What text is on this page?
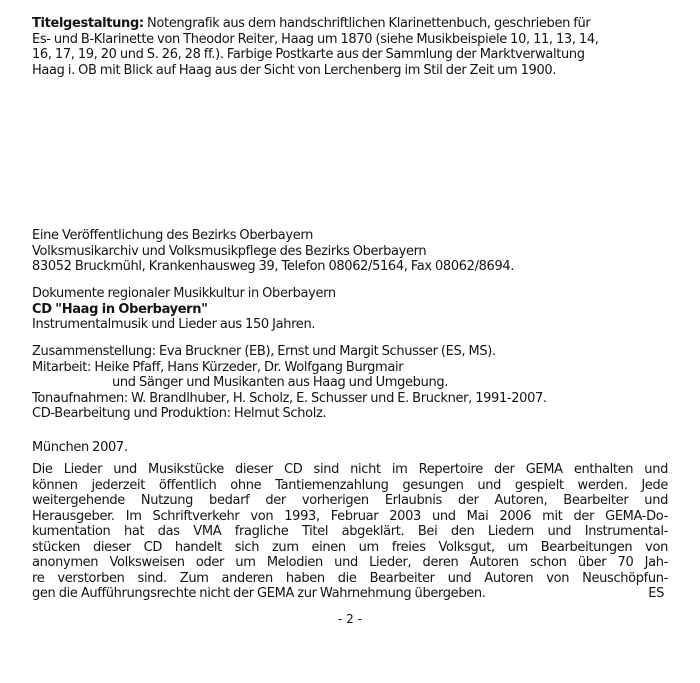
Titelgestaltung: Notengrafik aus dem handschriftlichen Klarinettenbuch, geschrieben für
Es- und B-Klarinette von Theodor Reiter, Haag um 1870 (siehe Musikbeispiele 10, 11, 13, 14,
16, 17, 19, 20 und S. 26, 28 ff.). Farbige Postkarte aus der Sammlung der Marktverwaltung
Haag i. OB mit Blick auf Haag aus der Sicht von Lerchenberg im Stil der Zeit um 1900.
Eine Veröffentlichung des Bezirks Oberbayern
Volksmusikarchiv und Volksmusikpflege des Bezirks Oberbayern
83052 Bruckmühl, Krankenhausweg 39, Telefon 08062/5164, Fax 08062/8694.
Dokumente regionaler Musikkultur in Oberbayern
CD "Haag in Oberbayern"
Instrumentalmusik und Lieder aus 150 Jahren.
Zusammenstellung: Eva Bruckner (EB), Ernst und Margit Schusser (ES, MS).
Mitarbeit: Heike Pfaff, Hans Kürzeder, Dr. Wolfgang Burgmair
und Sänger und Musikanten aus Haag und Umgebung.
Tonaufnahmen: W. Brandlhuber, H. Scholz, E. Schusser und E. Bruckner, 1991-2007.
CD-Bearbeitung und Produktion: Helmut Scholz.
München 2007.
Die Lieder und Musikstücke dieser CD sind nicht im Repertoire der GEMA enthalten und
können jederzeit öffentlich ohne Tantiemenzahlung gesungen und gespielt werden. Jede
weitergehende Nutzung bedarf der vorherigen Erlaubnis der Autoren, Bearbeiter und
Herausgeber. Im Schriftverkehr von 1993, Februar 2003 und Mai 2006 mit der GEMA-Do-
kumentation hat das VMA fragliche Titel abgeklärt. Bei den Liedern und Instrumental-
stücken dieser CD handelt sich zum einen um freies Volksgut, um Bearbeitungen von
anonymen Volksweisen oder um Melodien und Lieder, deren Autoren schon über 70 Jah-
re verstorben sind. Zum anderen haben die Bearbeiter und Autoren von Neuschöpfun-
gen die Aufführungsrechte nicht der GEMA zur Wahrnehmung übergeben.	ES
- 2 -
